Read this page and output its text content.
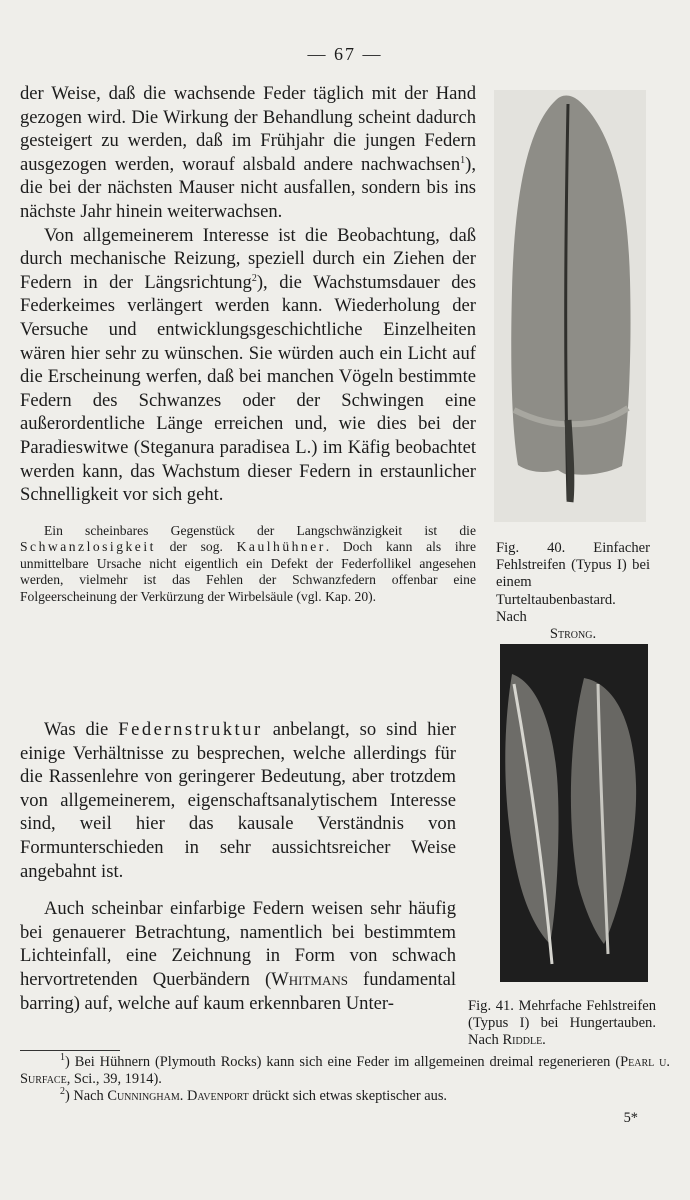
— 67 —

der Weise, daß die wachsende Feder täglich mit der Hand gezogen wird. Die Wirkung der Behandlung scheint dadurch gesteigert zu werden, daß im Frühjahr die jungen Federn ausgezogen werden, worauf alsbald andere nachwachsen$^1$), die bei der nächsten Mauser nicht ausfallen, sondern bis ins nächste Jahr hinein weiterwachsen.

Von allgemeinerem Interesse ist die Beobachtung, daß durch mechanische Reizung, speziell durch ein Ziehen der Federn in der Längsrichtung$^2$), die Wachstumsdauer des Federkeimes verlängert werden kann. Wiederholung der Versuche und entwicklungsgeschichtliche Einzelheiten wären hier sehr zu wünschen. Sie würden auch ein Licht auf die Erscheinung werfen, daß bei manchen Vögeln bestimmte Federn des Schwanzes oder der Schwingen eine außerordentliche Länge erreichen und, wie dies bei der Paradieswitwe (Steganura paradisea L.) im Käfig beobachtet werden kann, das Wachstum dieser Federn in erstaunlicher Schnelligkeit vor sich geht.

Ein scheinbares Gegenstück der Langschwänzigkeit ist die Schwanzlosigkeit der sog. Kaulhühner. Doch kann als ihre unmittelbare Ursache nicht eigentlich ein Defekt der Federfollikel angesehen werden, vielmehr ist das Fehlen der Schwanzfedern offenbar eine Folgeerscheinung der Verkürzung der Wirbelsäule (vgl. Kap. 20).

Was die Federnstruktur anbelangt, so sind hier einige Verhältnisse zu besprechen, welche allerdings für die Rassenlehre von geringerer Bedeutung, aber trotzdem von allgemeinerem, eigenschaftsanalytischem Interesse sind, weil hier das kausale Verständnis von Formunterschieden in sehr aussichtsreicher Weise angebahnt ist.

Auch scheinbar einfarbige Federn weisen sehr häufig bei genauerer Betrachtung, namentlich bei bestimmtem Lichteinfall, eine Zeichnung in Form von schwach hervortretenden Querbändern (Whitmans fundamental barring) auf, welche auf kaum erkennbaren Unter-

Fig. 40. Einfacher Fehlstreifen (Typus I) bei einem Turteltaubenbastard. Nach
Strong.
Fig. 41. Mehrfache Fehlstreifen (Typus I) bei Hungertauben. Nach Riddle.

$^1$) Bei Hühnern (Plymouth Rocks) kann sich eine Feder im allgemeinen dreimal regenerieren (Pearl u. Surface, Sci., 39, 1914).

$^2$) Nach Cunningham. Davenport drückt sich etwas skeptischer aus.

5*
